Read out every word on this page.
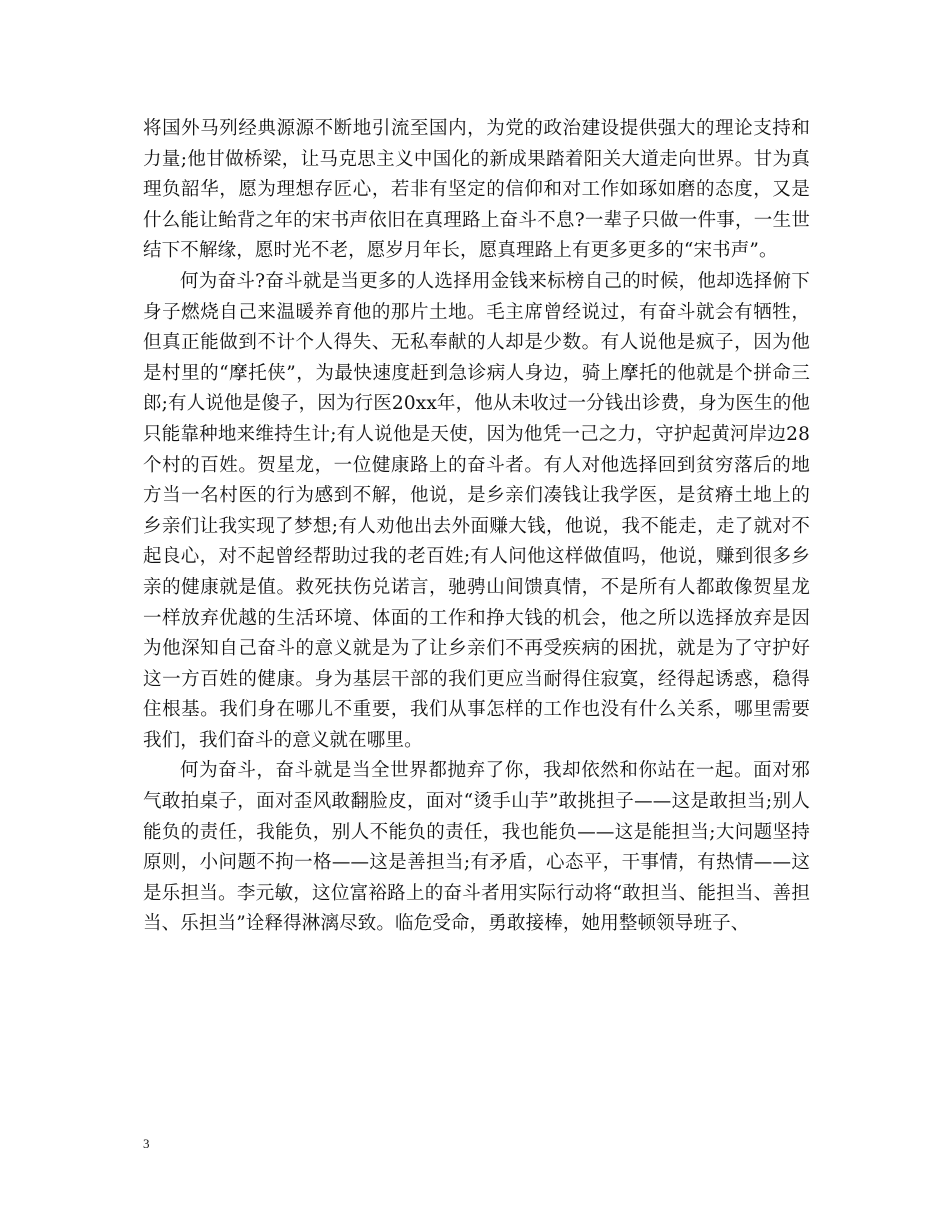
将国外马列经典源源不断地引流至国内，为党的政治建设提供强大的理论支持和力量;他甘做桥梁，让马克思主义中国化的新成果踏着阳关大道走向世界。甘为真理负韶华，愿为理想存匠心，若非有坚定的信仰和对工作如琢如磨的态度，又是什么能让鲐背之年的宋书声依旧在真理路上奋斗不息?一辈子只做一件事，一生世结下不解缘，愿时光不老，愿岁月年长，愿真理路上有更多更多的“宋书声”。

何为奋斗?奋斗就是当更多的人选择用金钱来标榜自己的时候，他却选择俯下身子燃烧自己来温暖养育他的那片土地。毛主席曾经说过，有奋斗就会有牺牲，但真正能做到不计个人得失、无私奉献的人却是少数。有人说他是疯子，因为他是村里的“摩托侠”，为最快速度赶到急诊病人身边，骑上摩托的他就是个拼命三郎;有人说他是傻子，因为行医20xx年，他从未收过一分钱出诊费，身为医生的他只能靠种地来维持生计;有人说他是天使，因为他凭一己之力，守护起黄河岸边28个村的百姓。贺星龙，一位健康路上的奋斗者。有人对他选择回到贫穷落后的地方当一名村医的行为感到不解，他说，是乡亲们凑钱让我学医，是贫瘠土地上的乡亲们让我实现了梦想;有人劝他出去外面赚大钱，他说，我不能走，走了就对不起良心，对不起曾经帮助过我的老百姓;有人问他这样做值吗，他说，赚到很多乡亲的健康就是值。救死扶伤兑诺言，驰骋山间馈真情，不是所有人都敢像贺星龙一样放弃优越的生活环境、体面的工作和挣大钱的机会，他之所以选择放弃是因为他深知自己奋斗的意义就是为了让乡亲们不再受疾病的困扰，就是为了守护好这一方百姓的健康。身为基层干部的我们更应当耐得住寂寞，经得起诱惑，稳得住根基。我们身在哪儿不重要，我们从事怎样的工作也没有什么关系，哪里需要我们，我们奋斗的意义就在哪里。

何为奋斗，奋斗就是当全世界都抛弃了你，我却依然和你站在一起。面对邪气敢拍桌子，面对歪风敢翻脸皮，面对“烫手山芋”敢挑担子——这是敢担当;别人能负的责任，我能负，别人不能负的责任，我也能负——这是能担当;大问题坚持原则，小问题不拘一格——这是善担当;有矛盾，心态平，干事情，有热情——这是乐担当。李元敏，这位富裕路上的奋斗者用实际行动将“敢担当、能担当、善担当、乐担当”诠释得淋漓尽致。临危受命，勇敢接棒，她用整顿领导班子、

3
